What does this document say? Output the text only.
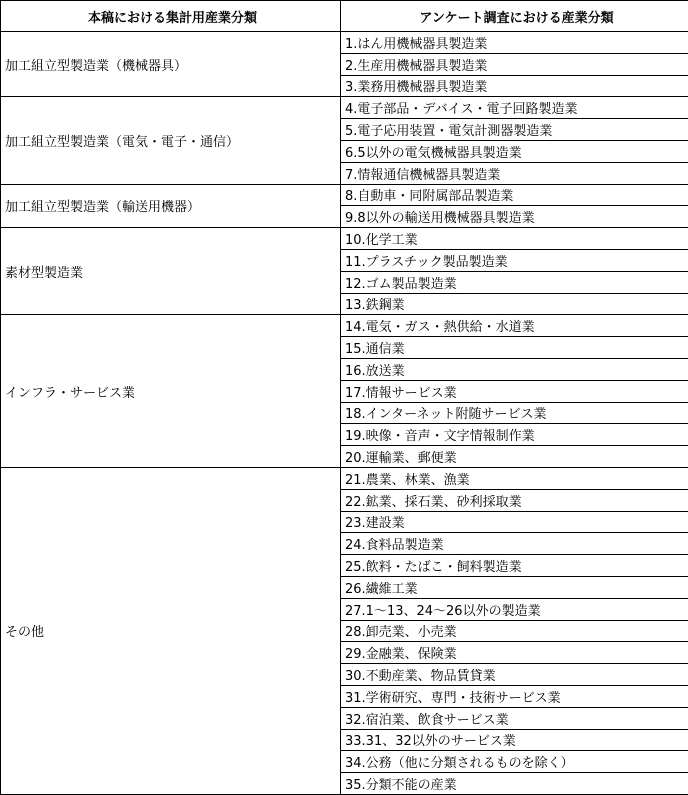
本稿における集計用産業分類	アンケート調査における産業分類
加工組立型製造業（機械器具）	1.はん用機械器具製造業
	2.生産用機械器具製造業
	3.業務用機械器具製造業
加工組立型製造業（電気・電子・通信）	4.電子部品・デバイス・電子回路製造業
	5.電子応用装置・電気計測器製造業
	6.5以外の電気機械器具製造業
	7.情報通信機械器具製造業
加工組立型製造業（輸送用機器）	8.自動車・同附属部品製造業
	9.8以外の輸送用機械器具製造業
素材型製造業	10.化学工業
	11.プラスチック製品製造業
	12.ゴム製品製造業
	13.鉄鋼業
インフラ・サービス業	14.電気・ガス・熱供給・水道業
	15.通信業
	16.放送業
	17.情報サービス業
	18.インターネット附随サービス業
	19.映像・音声・文字情報制作業
	20.運輸業、郵便業
その他	21.農業、林業、漁業
	22.鉱業、採石業、砂利採取業
	23.建設業
	24.食料品製造業
	25.飲料・たばこ・飼料製造業
	26.繊維工業
	27.1～13、24～26以外の製造業
	28.卸売業、小売業
	29.金融業、保険業
	30.不動産業、物品賃貸業
	31.学術研究、専門・技術サービス業
	32.宿泊業、飲食サービス業
	33.31、32以外のサービス業
	34.公務（他に分類されるものを除く）
	35.分類不能の産業
